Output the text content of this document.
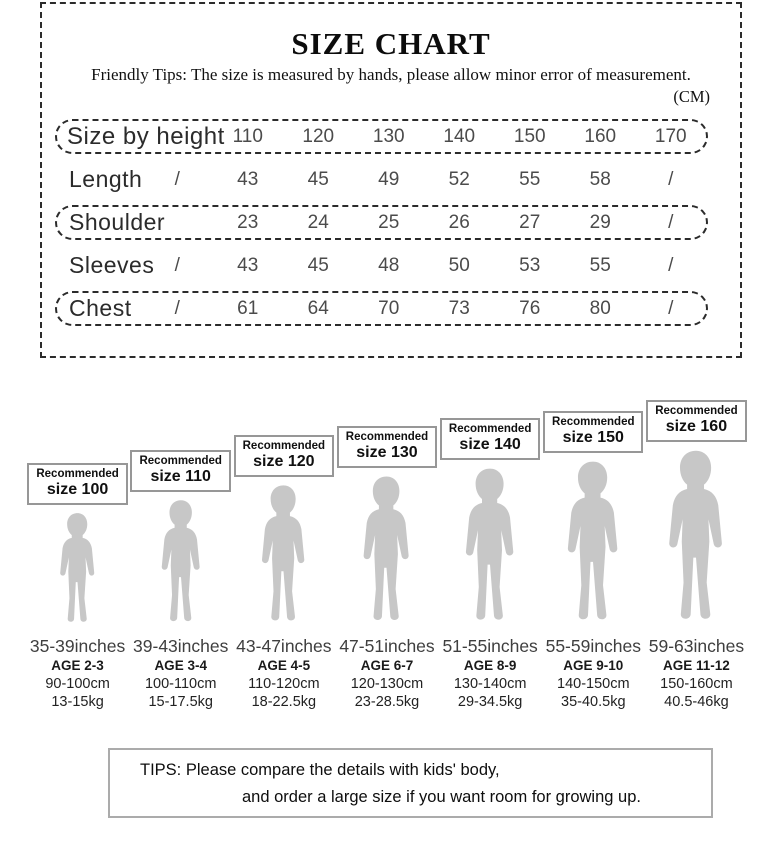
SIZE CHART

Friendly Tips: The size is measured by hands, please allow minor error of measurement.

(CM)

Size by height 110	120	130	140	150	160	170
Length	/	43	45	49	52	55	58	/
Shoulder	23	24	25	26	27	29	/
Sleeves	/	43	45	48	50	53	55	/
Chest	/	61	64	70	73	76	80	/
Recommended
size 100
35-39inches
AGE 2-3
90-100cm
13-15kg
Recommended
size 110
39-43inches
AGE 3-4
100-110cm
15-17.5kg
Recommended
size 120
43-47inches
AGE 4-5
110-120cm
18-22.5kg
Recommended
size 130
47-51inches
AGE 6-7
120-130cm
23-28.5kg
Recommended
size 140
51-55inches
AGE 8-9
130-140cm
29-34.5kg
Recommended
size 150
55-59inches
AGE 9-10
140-150cm
35-40.5kg
Recommended
size 160
59-63inches
AGE 11-12
150-160cm
40.5-46kg

TIPS: Please compare the details with kids' body,

and order a large size if you want room for growing up.
